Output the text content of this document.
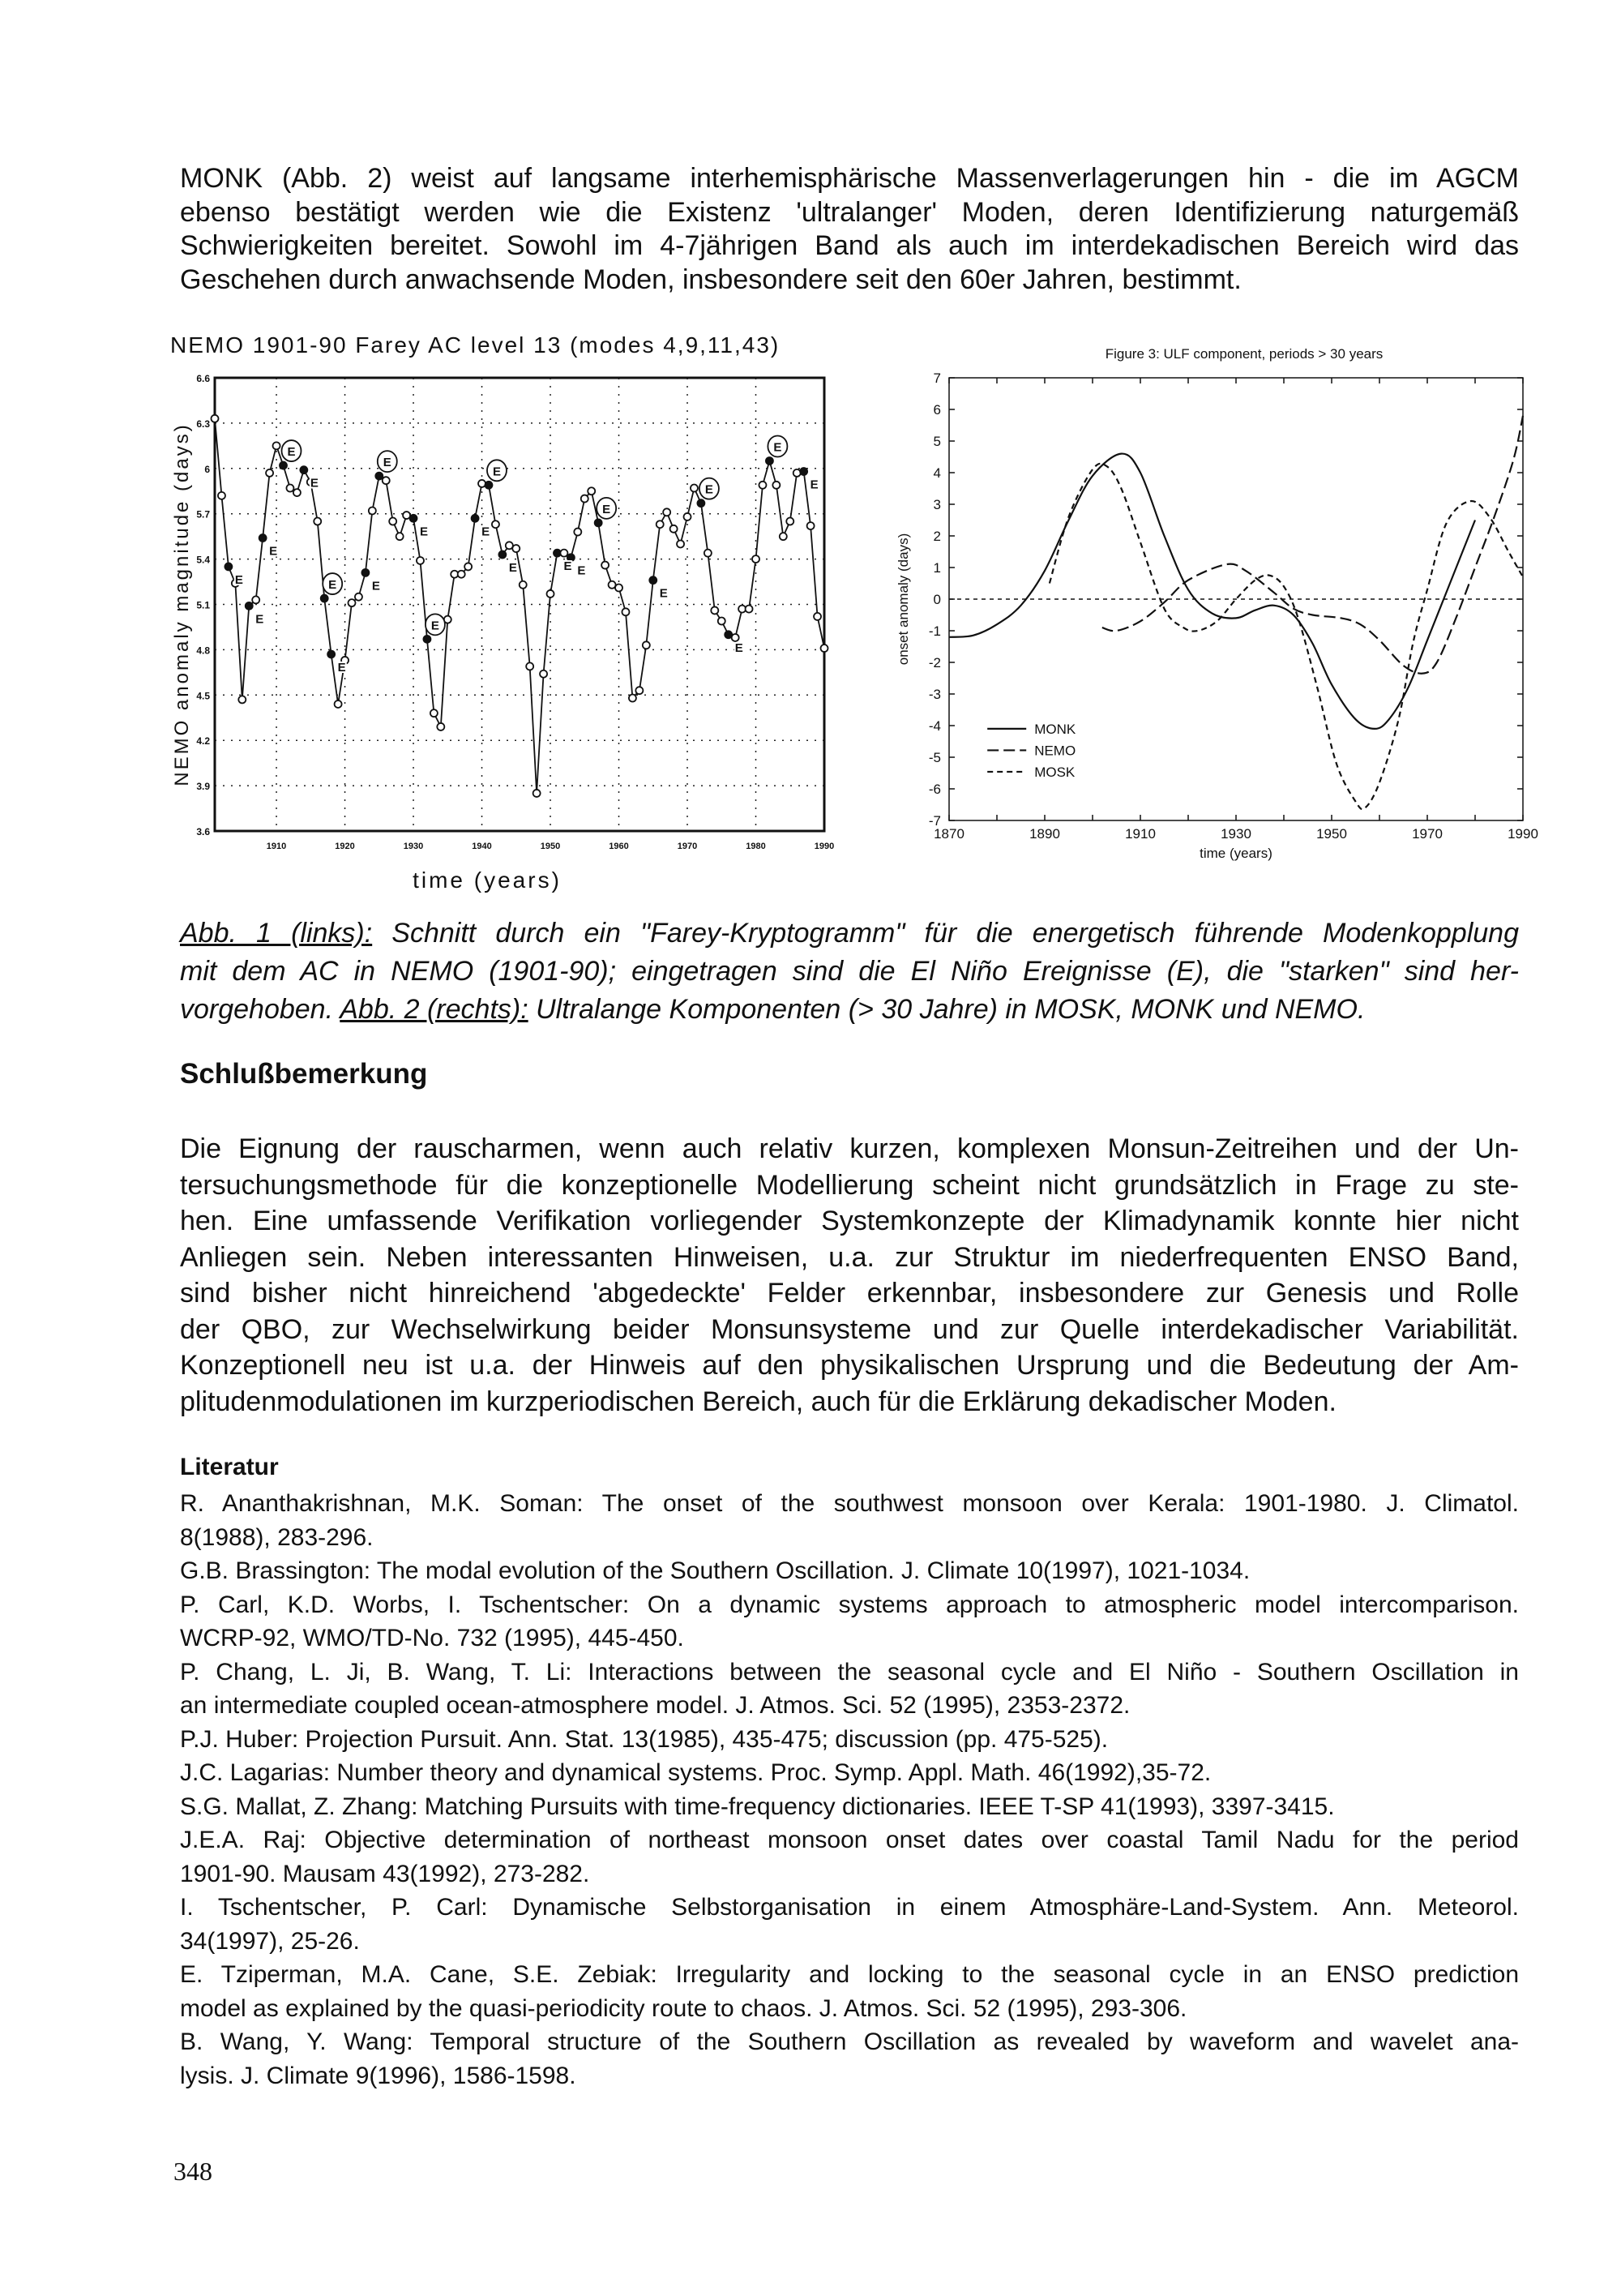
MONK (Abb. 2) weist auf langsame interhemisphärische Massenverlagerungen hin - die im AGCM
ebenso bestätigt werden wie die Existenz 'ultralanger' Moden, deren Identifizierung naturgemäß
Schwierigkeiten bereitet. Sowohl im 4-7jährigen Band als auch im interdekadischen Bereich wird das
Geschehen durch anwachsende Moden, insbesondere seit den 60er Jahren, bestimmt.
NEMO 1901-90 Farey AC level 13 (modes 4,9,11,43)
3.6
3.9
4.2
4.5
4.8
5.1
5.4
5.7
6
6.3
6.6
1910	1920	1930	1940	1950	1960	1970	1980	1990
time (years)
NEMO anomaly magnitude (days)	E
E
E
E
E
E
E
E
E
E
E
E
E
E
E	E
E	E E
E
E
E
Figure 3: ULF component, periods > 30 years
-7
-6
-5
-4
-3
-2
-1
0
1
2
3
4
5
6
7
1870	1890	1910	1930	1950	1970	1990
time (years)
onset anomaly (days)
MONK
NEMO
MOSK
Abb. 1 (links): Schnitt durch ein "Farey-Kryptogramm" für die energetisch führende Modenkopplung
mit dem AC in NEMO (1901-90); eingetragen sind die El Niño Ereignisse (E), die "starken" sind her-
vorgehoben. Abb. 2 (rechts): Ultralange Komponenten (> 30 Jahre) in MOSK, MONK und NEMO.
Schlußbemerkung
Die Eignung der rauscharmen, wenn auch relativ kurzen, komplexen Monsun-Zeitreihen und der Un-
tersuchungsmethode für die konzeptionelle Modellierung scheint nicht grundsätzlich in Frage zu ste-
hen. Eine umfassende Verifikation vorliegender Systemkonzepte der Klimadynamik konnte hier nicht
Anliegen sein. Neben interessanten Hinweisen, u.a. zur Struktur im niederfrequenten ENSO Band,
sind bisher nicht hinreichend 'abgedeckte' Felder erkennbar, insbesondere zur Genesis und Rolle
der QBO, zur Wechselwirkung beider Monsunsysteme und zur Quelle interdekadischer Variabilität.
Konzeptionell neu ist u.a. der Hinweis auf den physikalischen Ursprung und die Bedeutung der Am-
plitudenmodulationen im kurzperiodischen Bereich, auch für die Erklärung dekadischer Moden.
Literatur
R. Ananthakrishnan, M.K. Soman: The onset of the southwest monsoon over Kerala: 1901-1980. J. Climatol.
8(1988), 283-296.
G.B. Brassington: The modal evolution of the Southern Oscillation. J. Climate 10(1997), 1021-1034.
P. Carl, K.D. Worbs, I. Tschentscher: On a dynamic systems approach to atmospheric model intercomparison.
WCRP-92, WMO/TD-No. 732 (1995), 445-450.
P. Chang, L. Ji, B. Wang, T. Li: Interactions between the seasonal cycle and El Niño - Southern Oscillation in
an intermediate coupled ocean-atmosphere model. J. Atmos. Sci. 52 (1995), 2353-2372.
P.J. Huber: Projection Pursuit. Ann. Stat. 13(1985), 435-475; discussion (pp. 475-525).
J.C. Lagarias: Number theory and dynamical systems. Proc. Symp. Appl. Math. 46(1992),35-72.
S.G. Mallat, Z. Zhang: Matching Pursuits with time-frequency dictionaries. IEEE T-SP 41(1993), 3397-3415.
J.E.A. Raj: Objective determination of northeast monsoon onset dates over coastal Tamil Nadu for the period
1901-90. Mausam 43(1992), 273-282.
I. Tschentscher, P. Carl: Dynamische Selbstorganisation in einem Atmosphäre-Land-System. Ann. Meteorol.
34(1997), 25-26.
E. Tziperman, M.A. Cane, S.E. Zebiak: Irregularity and locking to the seasonal cycle in an ENSO prediction
model as explained by the quasi-periodicity route to chaos. J. Atmos. Sci. 52 (1995), 293-306.
B. Wang, Y. Wang: Temporal structure of the Southern Oscillation as revealed by waveform and wavelet ana-
lysis. J. Climate 9(1996), 1586-1598.
348
